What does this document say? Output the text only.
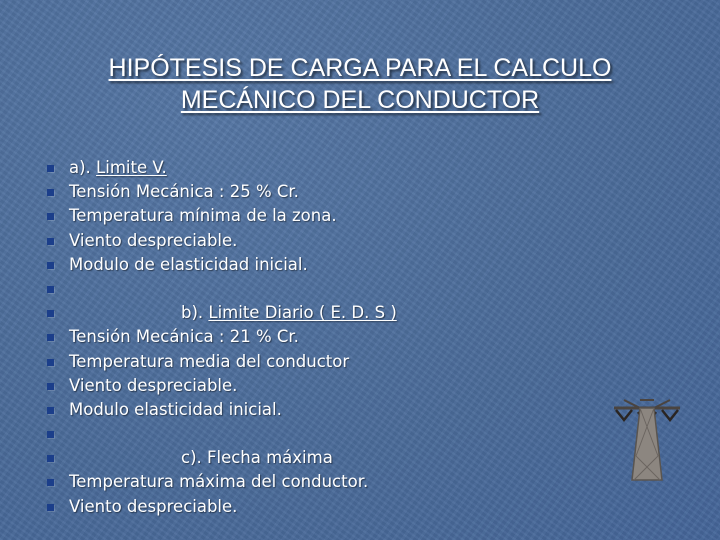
HIPÓTESIS DE CARGA PARA EL CALCULO
MECÁNICO DEL CONDUCTOR
a). Limite V.
Tensión Mecánica : 25 % Cr.
Temperatura mínima de la zona.
Viento despreciable.
Modulo de elasticidad inicial.
b). Limite Diario ( E. D. S )
Tensión Mecánica : 21 % Cr.
Temperatura media del conductor
Viento despreciable.
Modulo elasticidad inicial.
c). Flecha máxima
Temperatura máxima del conductor.
Viento despreciable.
